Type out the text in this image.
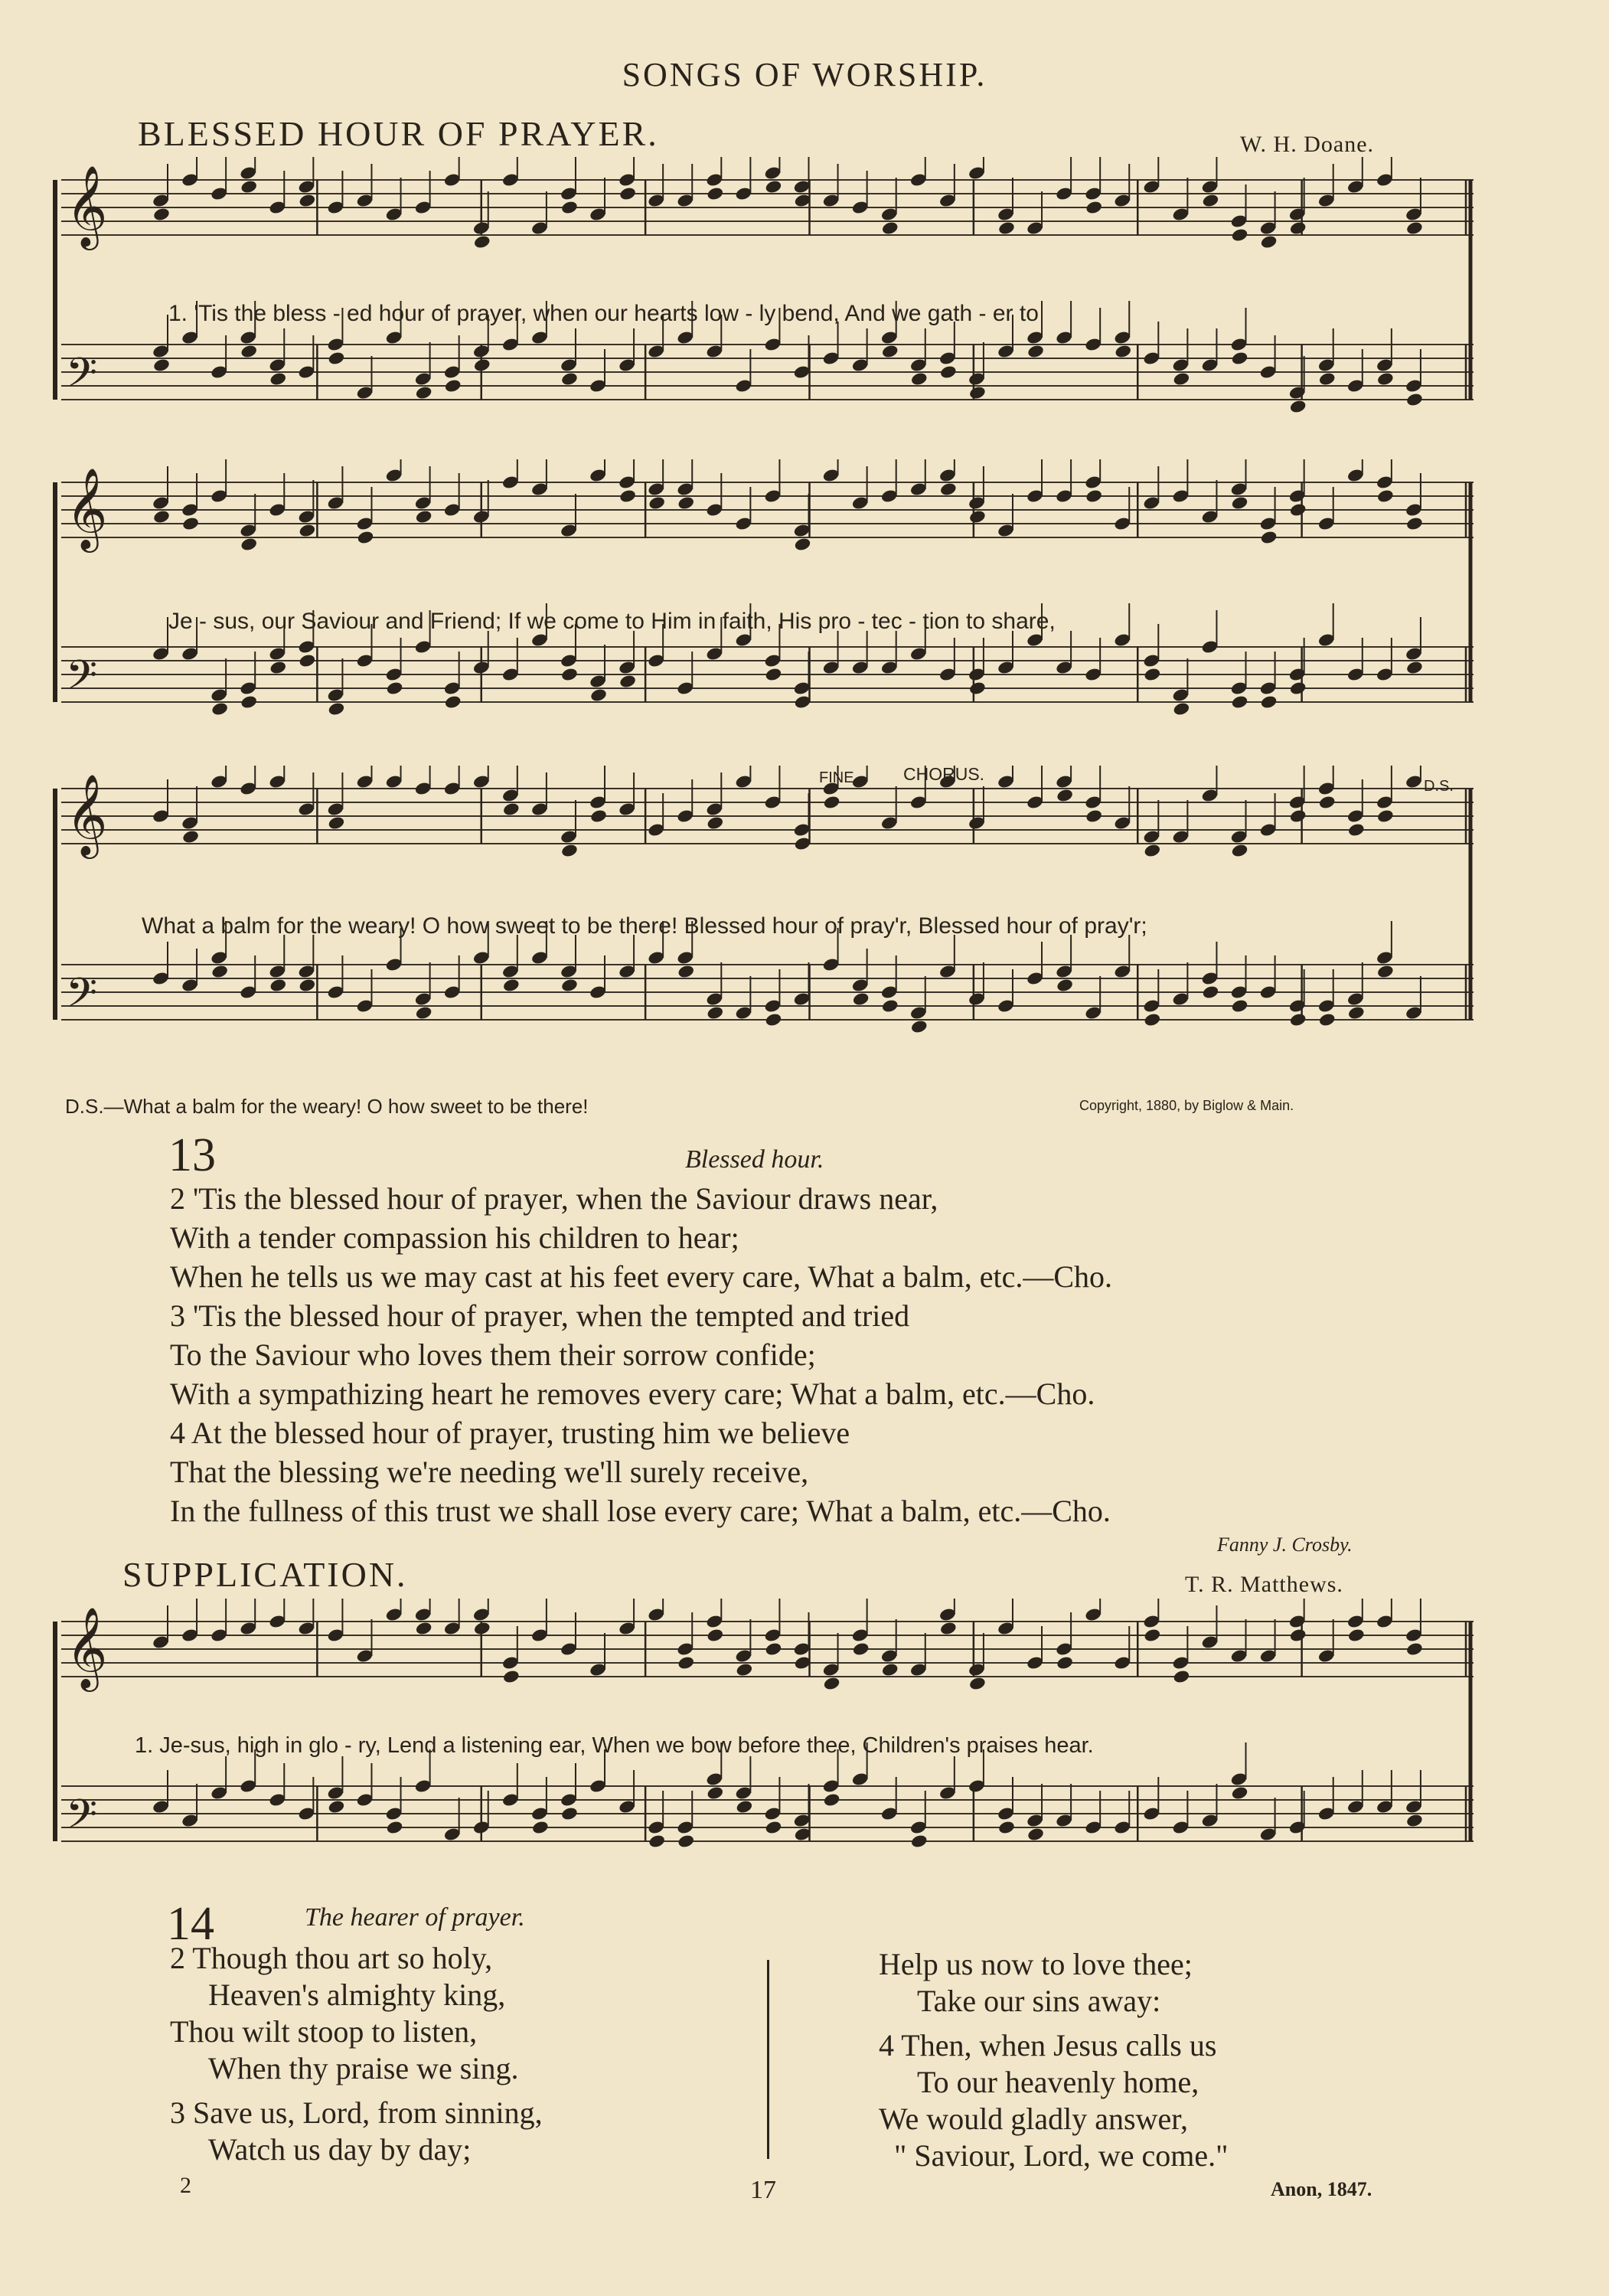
SONGS OF WORSHIP.
BLESSED HOUR OF PRAYER.	W. H. Doane.
𝄞
𝄢
1. 'Tis the bless - ed hour of prayer, when our hearts low - ly bend, And we gath - er to
𝄞
𝄢
Je - sus, our Saviour and Friend; If we come to Him in faith, His pro - tec - tion to share,
𝄞
𝄢
FINE.	CHORUS.
D.S.
What a balm for the weary! O how sweet to be there! Blessed hour of pray'r, Blessed hour of pray'r;
D.S.—What a balm for the weary! O how sweet to be there!	Copyright, 1880, by Biglow & Main.
13	Blessed hour.
2 'Tis the blessed hour of prayer, when the Saviour draws near,
With a tender compassion his children to hear;
When he tells us we may cast at his feet every care, What a balm, etc.—Cho.
3 'Tis the blessed hour of prayer, when the tempted and tried
To the Saviour who loves them their sorrow confide;
With a sympathizing heart he removes every care; What a balm, etc.—Cho.
4 At the blessed hour of prayer, trusting him we believe
That the blessing we're needing we'll surely receive,
In the fullness of this trust we shall lose every care; What a balm, etc.—Cho.
Fanny J. Crosby.
SUPPLICATION.	T. R. Matthews.
𝄞
𝄢
1. Je-sus, high in glo - ry, Lend a listening ear, When we bow before thee, Children's praises hear.
14	The hearer of prayer.
2 Though thou art so holy,
Heaven's almighty king,
Thou wilt stoop to listen,
When thy praise we sing.
3 Save us, Lord, from sinning,
Watch us day by day;
Help us now to love thee;
Take our sins away:
4 Then, when Jesus calls us
To our heavenly home,
We would gladly answer,
" Saviour, Lord, we come."
2	17	Anon, 1847.
